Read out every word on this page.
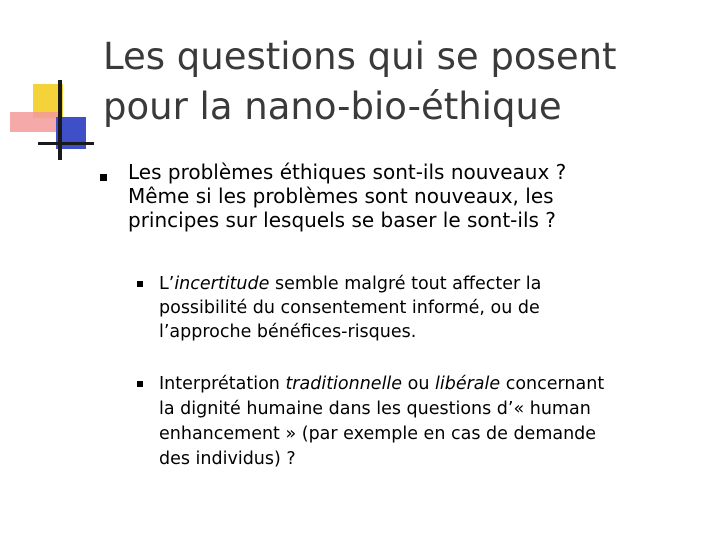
Les questions qui se posent
pour la nano-bio-éthique
Les problèmes éthiques sont-ils nouveaux ?
Même si les problèmes sont nouveaux, les
principes sur lesquels se baser le sont-ils ?
L’incertitude semble malgré tout affecter la
possibilité du consentement informé, ou de
l’approche bénéfices-risques.
Interprétation traditionnelle ou libérale concernant
la dignité humaine dans les questions d’« human
enhancement » (par exemple en cas de demande
des individus) ?
